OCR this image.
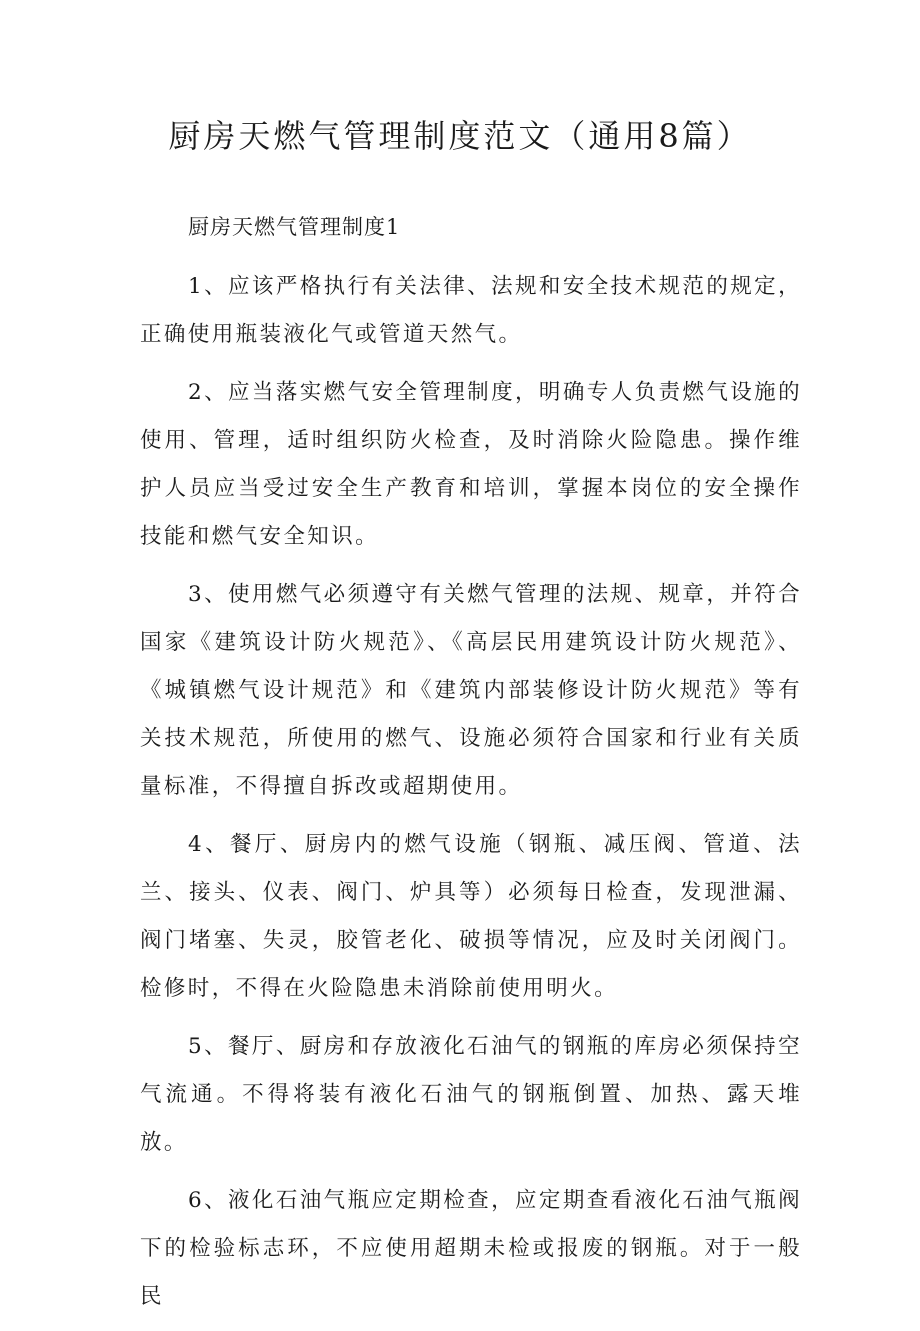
厨房天燃气管理制度范文（通用8篇）

厨房天燃气管理制度1

1、应该严格执行有关法律、法规和安全技术规范的规定，正确使用瓶装液化气或管道天然气。

2、应当落实燃气安全管理制度，明确专人负责燃气设施的使用、管理，适时组织防火检查，及时消除火险隐患。操作维护人员应当受过安全生产教育和培训，掌握本岗位的安全操作技能和燃气安全知识。

3、使用燃气必须遵守有关燃气管理的法规、规章，并符合国家《建筑设计防火规范》、《高层民用建筑设计防火规范》、《城镇燃气设计规范》和《建筑内部装修设计防火规范》等有关技术规范，所使用的燃气、设施必须符合国家和行业有关质量标准，不得擅自拆改或超期使用。

4、餐厅、厨房内的燃气设施（钢瓶、减压阀、管道、法兰、接头、仪表、阀门、炉具等）必须每日检查，发现泄漏、阀门堵塞、失灵，胶管老化、破损等情况，应及时关闭阀门。检修时，不得在火险隐患未消除前使用明火。

5、餐厅、厨房和存放液化石油气的钢瓶的库房必须保持空气流通。不得将装有液化石油气的钢瓶倒置、加热、露天堆放。

6、液化石油气瓶应定期检查，应定期查看液化石油气瓶阀下的检验标志环，不应使用超期未检或报废的钢瓶。对于一般民
